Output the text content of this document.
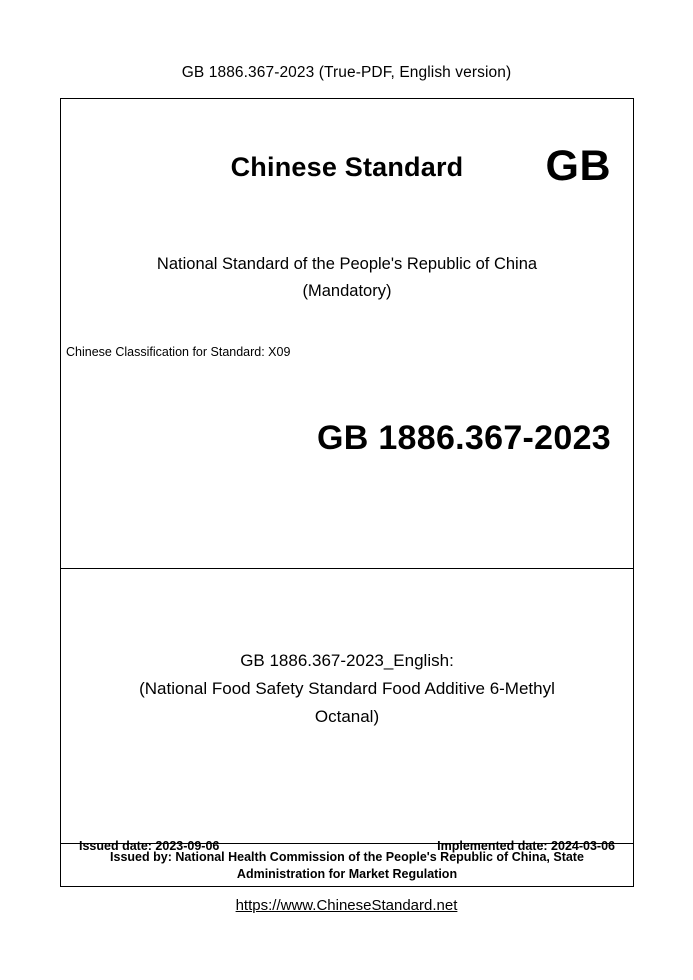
GB 1886.367-2023 (True-PDF, English version)
Chinese Standard	GB
National Standard of the People's Republic of China
(Mandatory)
Chinese Classification for Standard: X09
GB 1886.367-2023
GB 1886.367-2023_English:
(National Food Safety Standard Food Additive 6-Methyl
Octanal)
Issued date: 2023-09-06	Implemented date: 2024-03-06
Issued by: National Health Commission of the People's Republic of China, State Administration for Market Regulation
https://www.ChineseStandard.net
